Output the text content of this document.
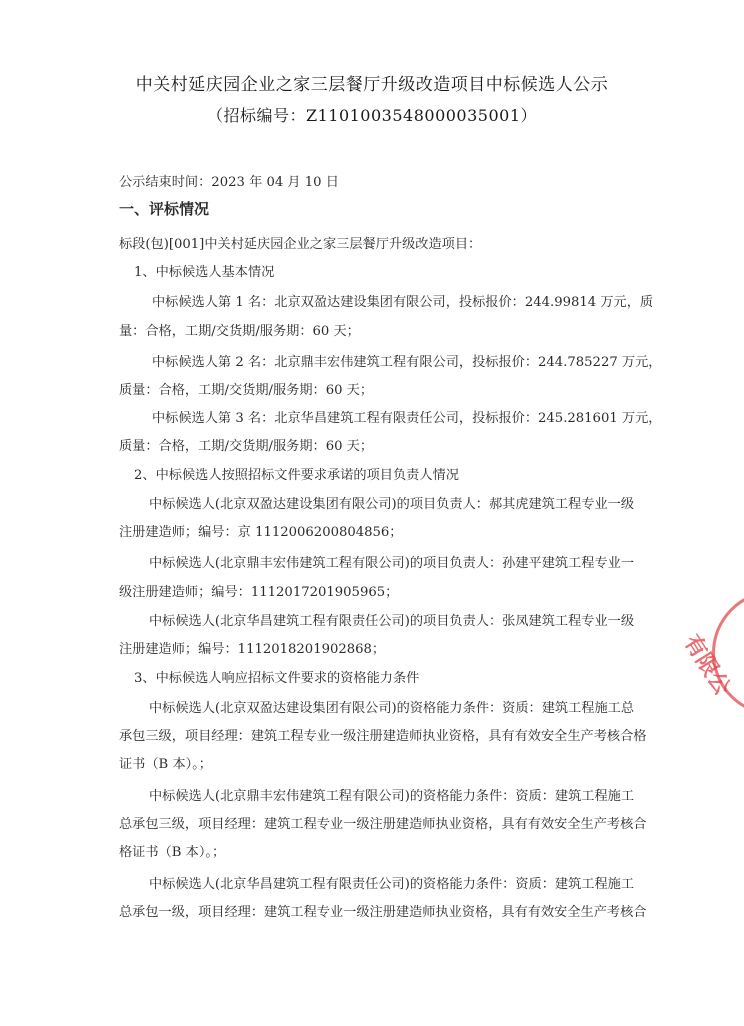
中关村延庆园企业之家三层餐厅升级改造项目中标候选人公示
（招标编号：Z1101003548000035001）
公示结束时间：2023 年 04 月 10 日
一、评标情况
标段(包)[001]中关村延庆园企业之家三层餐厅升级改造项目：
1、中标候选人基本情况
中标候选人第 1 名：北京双盈达建设集团有限公司，投标报价：244.99814 万元，质
量：合格，工期/交货期/服务期：60 天；
中标候选人第 2 名：北京鼎丰宏伟建筑工程有限公司，投标报价：244.785227 万元，
质量：合格，工期/交货期/服务期：60 天；
中标候选人第 3 名：北京华昌建筑工程有限责任公司，投标报价：245.281601 万元，
质量：合格，工期/交货期/服务期：60 天；
2、中标候选人按照招标文件要求承诺的项目负责人情况
中标候选人(北京双盈达建设集团有限公司)的项目负责人：郝其虎建筑工程专业一级
注册建造师；编号：京 1112006200804856；
中标候选人(北京鼎丰宏伟建筑工程有限公司)的项目负责人：孙建平建筑工程专业一
级注册建造师；编号：1112017201905965；
中标候选人(北京华昌建筑工程有限责任公司)的项目负责人：张凤建筑工程专业一级
注册建造师；编号：1112018201902868；
3、中标候选人响应招标文件要求的资格能力条件
中标候选人(北京双盈达建设集团有限公司)的资格能力条件：资质：建筑工程施工总
承包三级，项目经理：建筑工程专业一级注册建造师执业资格，具有有效安全生产考核合格
证书（B 本）。；
中标候选人(北京鼎丰宏伟建筑工程有限公司)的资格能力条件：资质：建筑工程施工
总承包三级，项目经理：建筑工程专业一级注册建造师执业资格，具有有效安全生产考核合
格证书（B 本）。；
中标候选人(北京华昌建筑工程有限责任公司)的资格能力条件：资质：建筑工程施工
总承包一级，项目经理：建筑工程专业一级注册建造师执业资格，具有有效安全生产考核合
有限公
